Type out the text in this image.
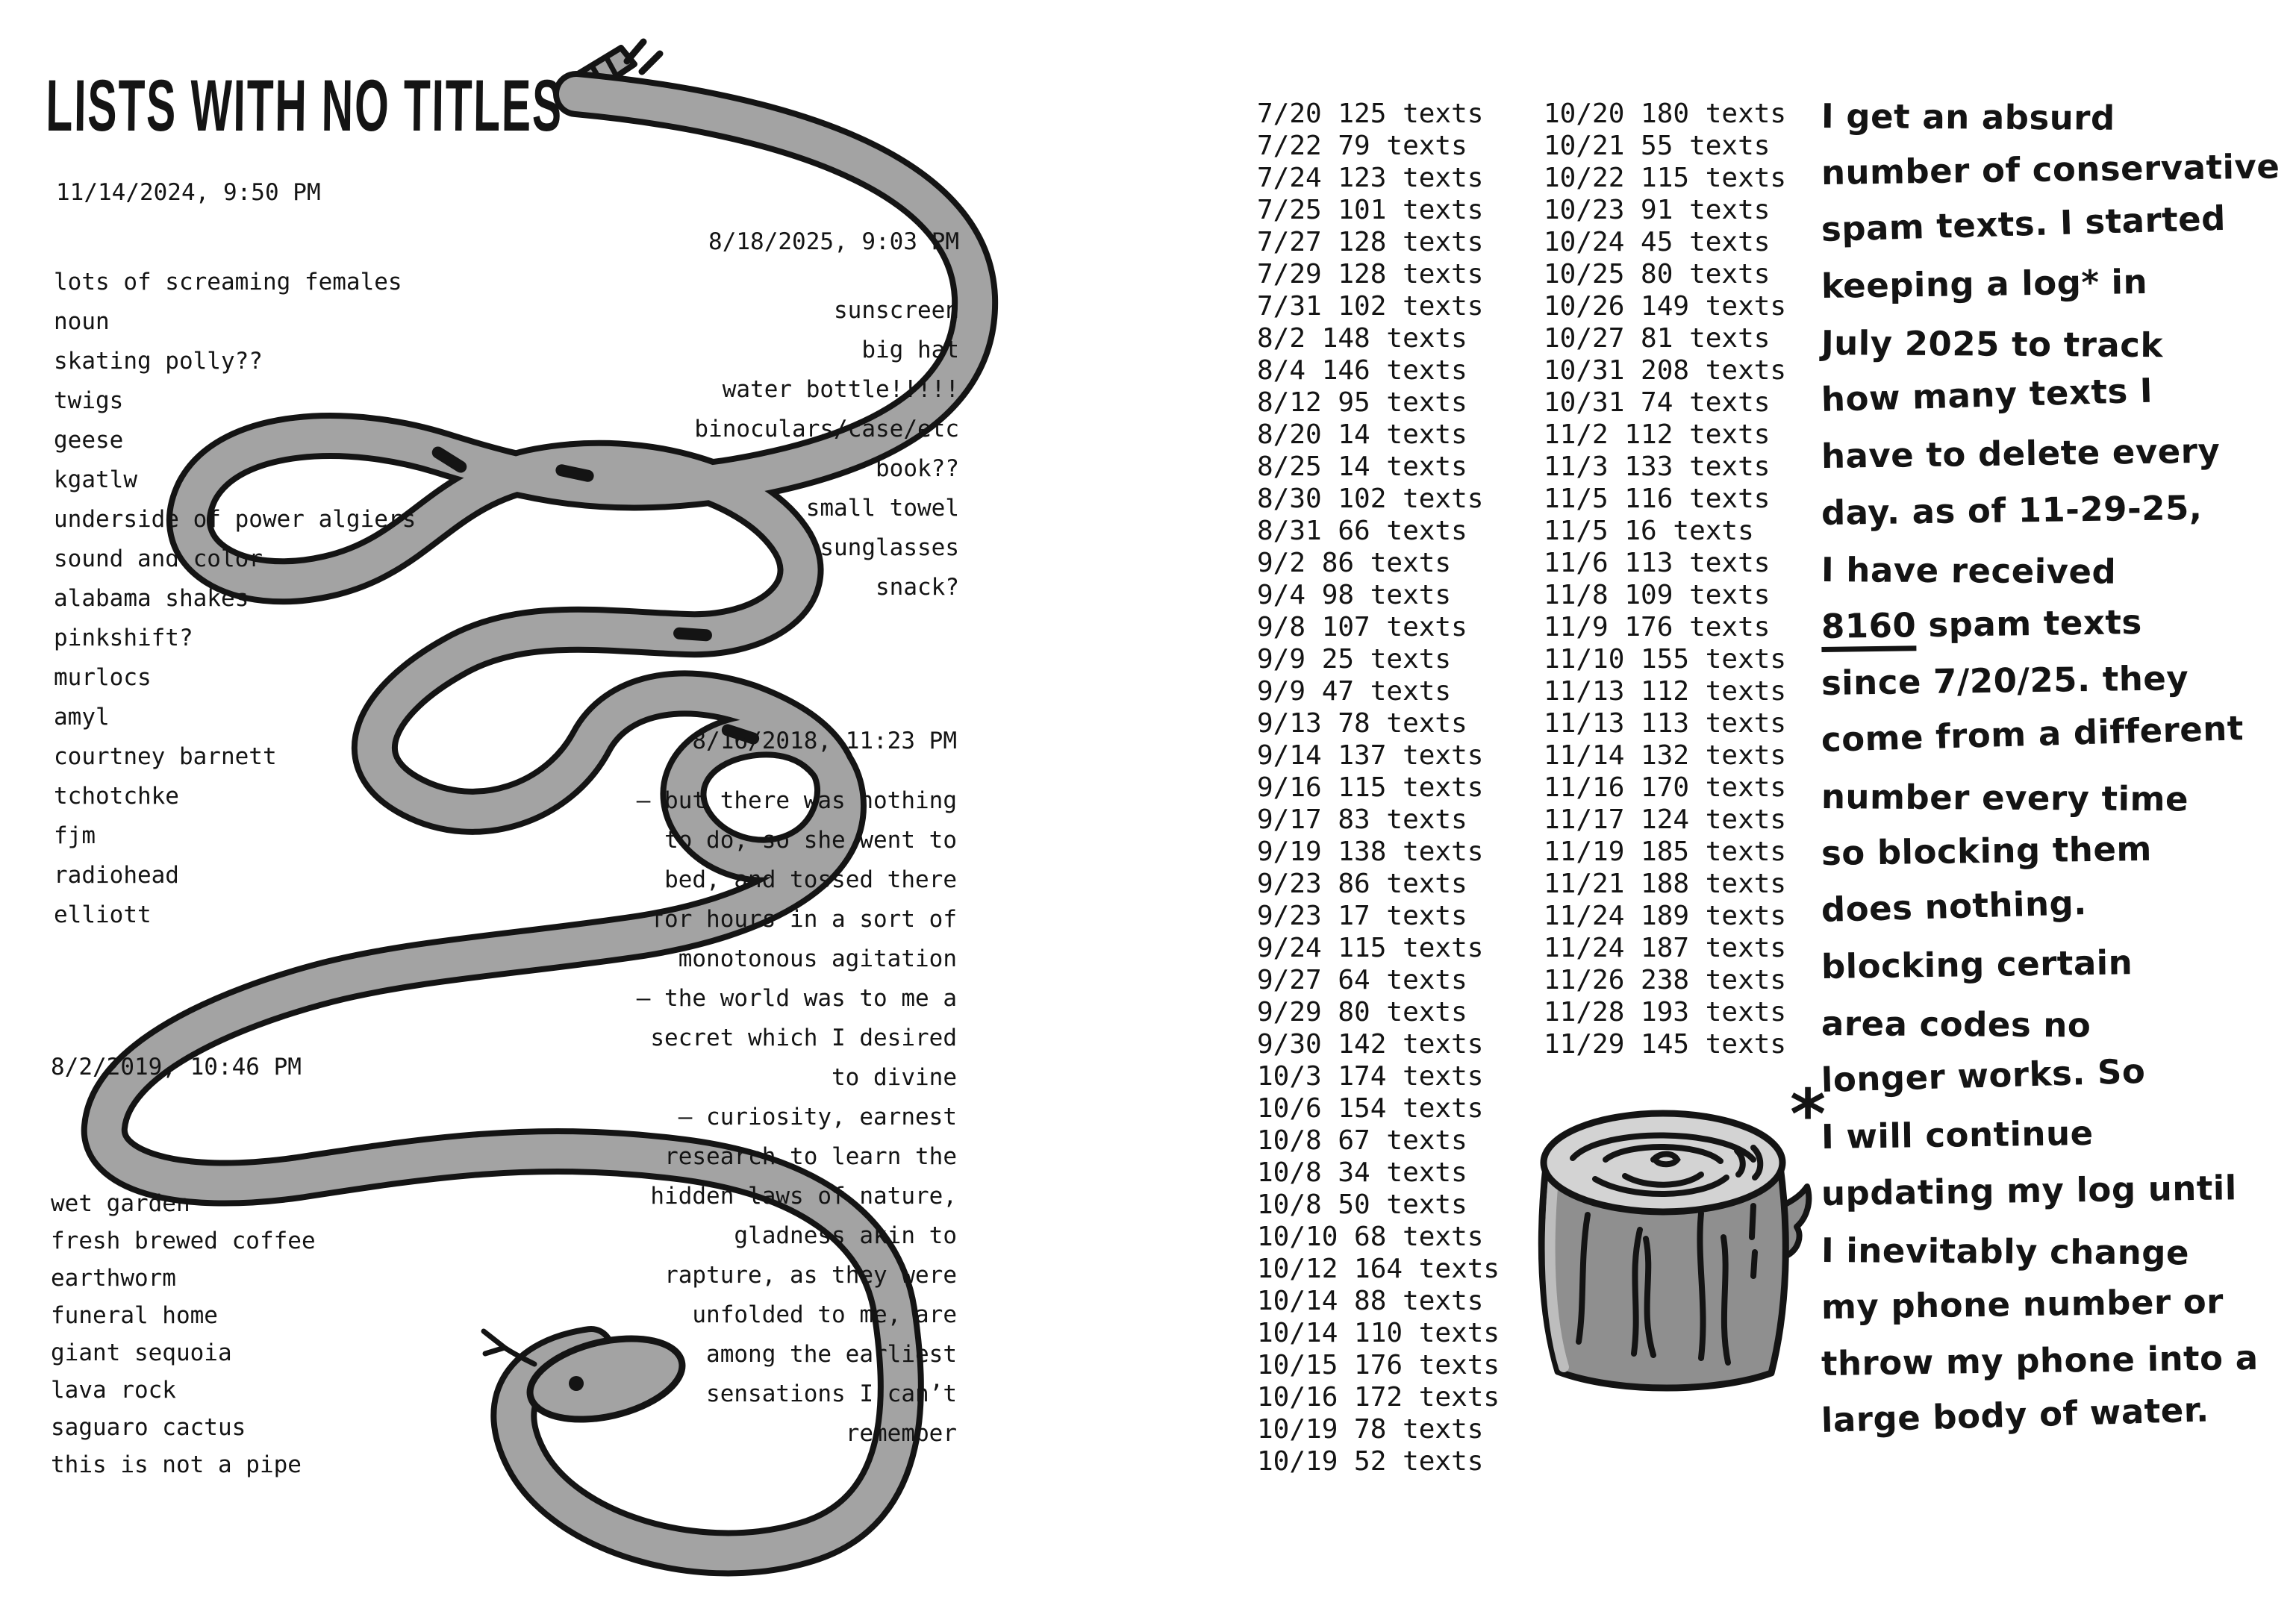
LISTS WITH NO TITLES
11/14/2024, 9:50 PM
lots of screaming females
noun
skating polly??
twigs
geese
kgatlw
underside of power algiers
sound and color
alabama shakes
pinkshift?
murlocs
amyl
courtney barnett
tchotchke
fjm
radiohead
elliott
8/18/2025, 9:03 PM
sunscreen
big hat
water bottle!!!!!
binoculars/case/etc
book??
small towel
sunglasses
snack?
8/16/2018, 11:23 PM
– but there was nothing
to do, so she went to
bed, and tossed there
for hours in a sort of
monotonous agitation
– the world was to me a
secret which I desired
to divine
– curiosity, earnest
research to learn the
hidden laws of nature,
gladness akin to
rapture, as they were
unfolded to me, are
among the earliest
sensations I can’t
remember
8/2/2019, 10:46 PM
wet garden
fresh brewed coffee
earthworm
funeral home
giant sequoia
lava rock
saguaro cactus
this is not a pipe
7/20 125 texts
7/22 79 texts
7/24 123 texts
7/25 101 texts
7/27 128 texts
7/29 128 texts
7/31 102 texts
8/2 148 texts
8/4 146 texts
8/12 95 texts
8/20 14 texts
8/25 14 texts
8/30 102 texts
8/31 66 texts
9/2 86 texts
9/4 98 texts
9/8 107 texts
9/9 25 texts
9/9 47 texts
9/13 78 texts
9/14 137 texts
9/16 115 texts
9/17 83 texts
9/19 138 texts
9/23 86 texts
9/23 17 texts
9/24 115 texts
9/27 64 texts
9/29 80 texts
9/30 142 texts
10/3 174 texts
10/6 154 texts
10/8 67 texts
10/8 34 texts
10/8 50 texts
10/10 68 texts
10/12 164 texts
10/14 88 texts
10/14 110 texts
10/15 176 texts
10/16 172 texts
10/19 78 texts
10/19 52 texts
10/20 180 texts
10/21 55 texts
10/22 115 texts
10/23 91 texts
10/24 45 texts
10/25 80 texts
10/26 149 texts
10/27 81 texts
10/31 208 texts
10/31 74 texts
11/2 112 texts
11/3 133 texts
11/5 116 texts
11/5 16 texts
11/6 113 texts
11/8 109 texts
11/9 176 texts
11/10 155 texts
11/13 112 texts
11/13 113 texts
11/14 132 texts
11/16 170 texts
11/17 124 texts
11/19 185 texts
11/21 188 texts
11/24 189 texts
11/24 187 texts
11/26 238 texts
11/28 193 texts
11/29 145 texts
*
I get an absurd
number of conservative
spam texts. I started
keeping a log* in
July 2025 to track
how many texts I
have to delete every
day. as of 11-29-25,
I have received
8160 spam texts
since 7/20/25. they
come from a different
number every time
so blocking them
does nothing.
blocking certain
area codes no
longer works. So
I will continue
updating my log until
I inevitably change
my phone number or
throw my phone into a
large body of water.
